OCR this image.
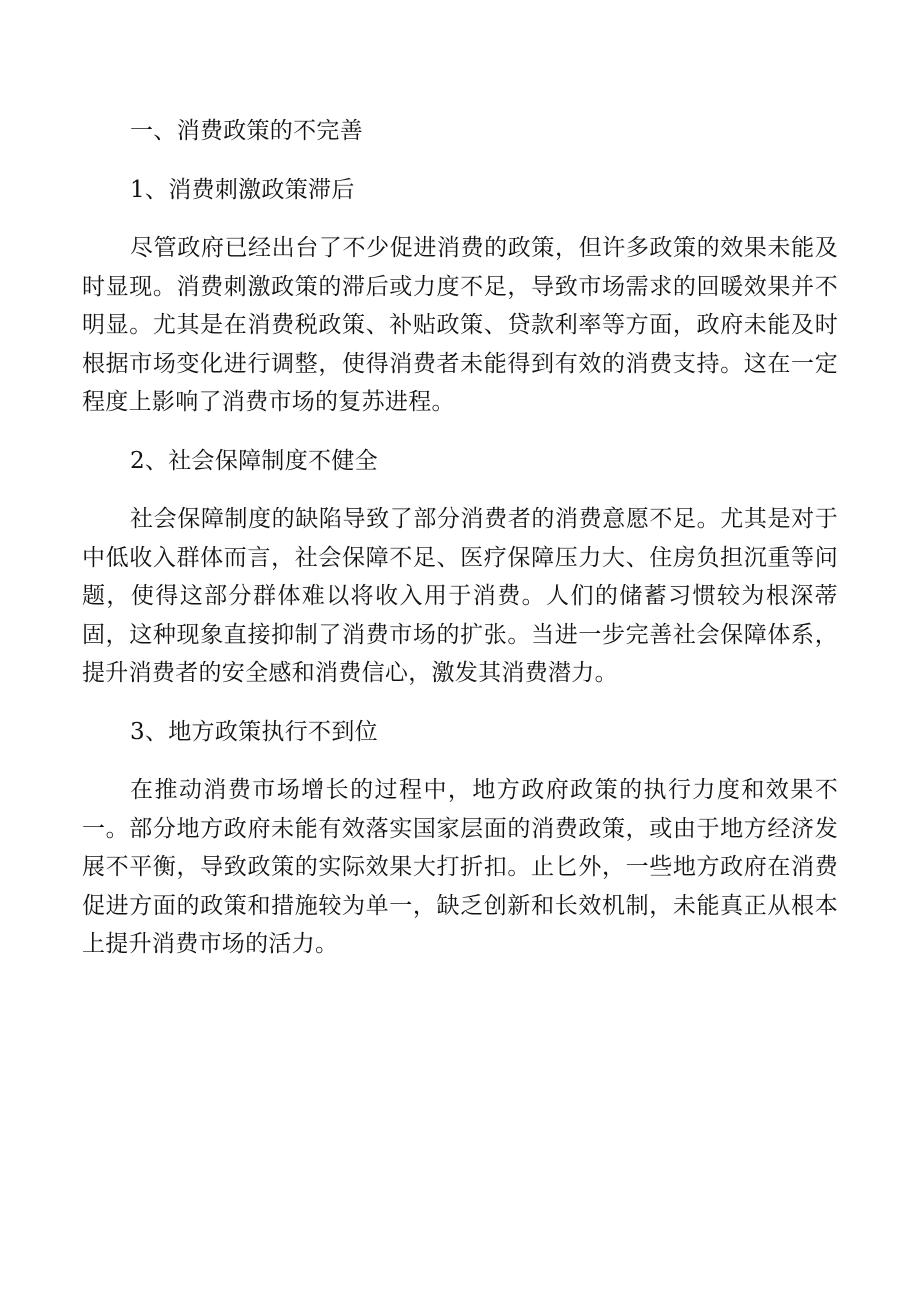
一、消费政策的不完善
1、消费刺激政策滞后

尽管政府已经出台了不少促进消费的政策，但许多政策的效果未能及时显现。消费刺激政策的滞后或力度不足，导致市场需求的回暖效果并不明显。尤其是在消费税政策、补贴政策、贷款利率等方面，政府未能及时根据市场变化进行调整，使得消费者未能得到有效的消费支持。这在一定程度上影响了消费市场的复苏进程。

2、社会保障制度不健全

社会保障制度的缺陷导致了部分消费者的消费意愿不足。尤其是对于中低收入群体而言，社会保障不足、医疗保障压力大、住房负担沉重等问题，使得这部分群体难以将收入用于消费。人们的储蓄习惯较为根深蒂固，这种现象直接抑制了消费市场的扩张。当进一步完善社会保障体系，提升消费者的安全感和消费信心，激发其消费潜力。

3、地方政策执行不到位

在推动消费市场增长的过程中，地方政府政策的执行力度和效果不一。部分地方政府未能有效落实国家层面的消费政策，或由于地方经济发展不平衡，导致政策的实际效果大打折扣。止匕外，一些地方政府在消费促进方面的政策和措施较为单一，缺乏创新和长效机制，未能真正从根本上提升消费市场的活力。
